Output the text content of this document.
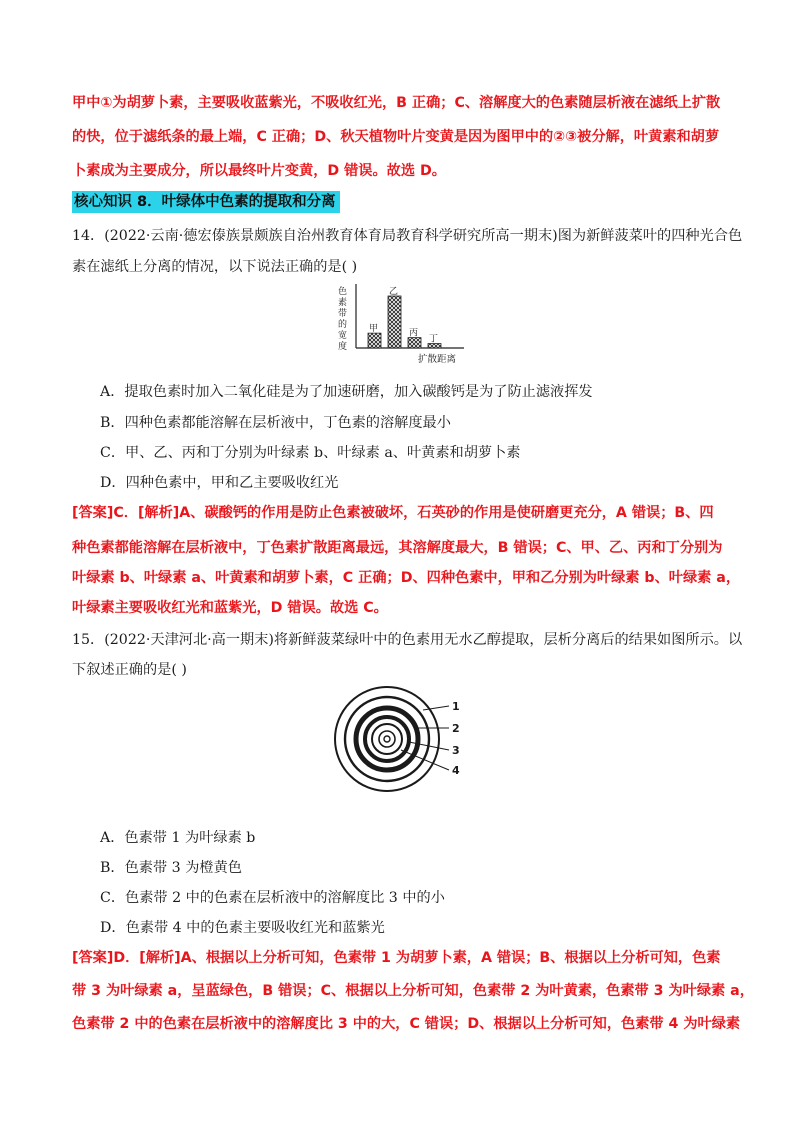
甲中①为胡萝卜素，主要吸收蓝紫光，不吸收红光，B 正确；C、溶解度大的色素随层析液在滤纸上扩散
的快，位于滤纸条的最上端，C 正确；D、秋天植物叶片变黄是因为图甲中的②③被分解，叶黄素和胡萝
卜素成为主要成分，所以最终叶片变黄，D 错误。故选 D。
核心知识 8．叶绿体中色素的提取和分离
14．(2022·云南·德宏傣族景颇族自治州教育体育局教育科学研究所高一期末)图为新鲜菠菜叶的四种光合色
素在滤纸上分离的情况，以下说法正确的是( )
色
素
带
的
宽
度
甲
乙
丙
丁
扩散距离
A．提取色素时加入二氧化硅是为了加速研磨，加入碳酸钙是为了防止滤液挥发
B．四种色素都能溶解在层析液中，丁色素的溶解度最小
C．甲、乙、丙和丁分别为叶绿素 b、叶绿素 a、叶黄素和胡萝卜素
D．四种色素中，甲和乙主要吸收红光
[答案]C．[解析]A、碳酸钙的作用是防止色素被破坏，石英砂的作用是使研磨更充分，A 错误；B、四
种色素都能溶解在层析液中，丁色素扩散距离最远，其溶解度最大，B 错误；C、甲、乙、丙和丁分别为
叶绿素 b、叶绿素 a、叶黄素和胡萝卜素，C 正确；D、四种色素中，甲和乙分别为叶绿素 b、叶绿素 a，
叶绿素主要吸收红光和蓝紫光，D 错误。故选 C。
15．(2022·天津河北·高一期末)将新鲜菠菜绿叶中的色素用无水乙醇提取，层析分离后的结果如图所示。以
下叙述正确的是( )
1
2
3
4
A．色素带 1 为叶绿素 b
B．色素带 3 为橙黄色
C．色素带 2 中的色素在层析液中的溶解度比 3 中的小
D．色素带 4 中的色素主要吸收红光和蓝紫光
[答案]D．[解析]A、根据以上分析可知，色素带 1 为胡萝卜素，A 错误；B、根据以上分析可知，色素
带 3 为叶绿素 a，呈蓝绿色，B 错误；C、根据以上分析可知，色素带 2 为叶黄素，色素带 3 为叶绿素 a，
色素带 2 中的色素在层析液中的溶解度比 3 中的大，C 错误；D、根据以上分析可知，色素带 4 为叶绿素
